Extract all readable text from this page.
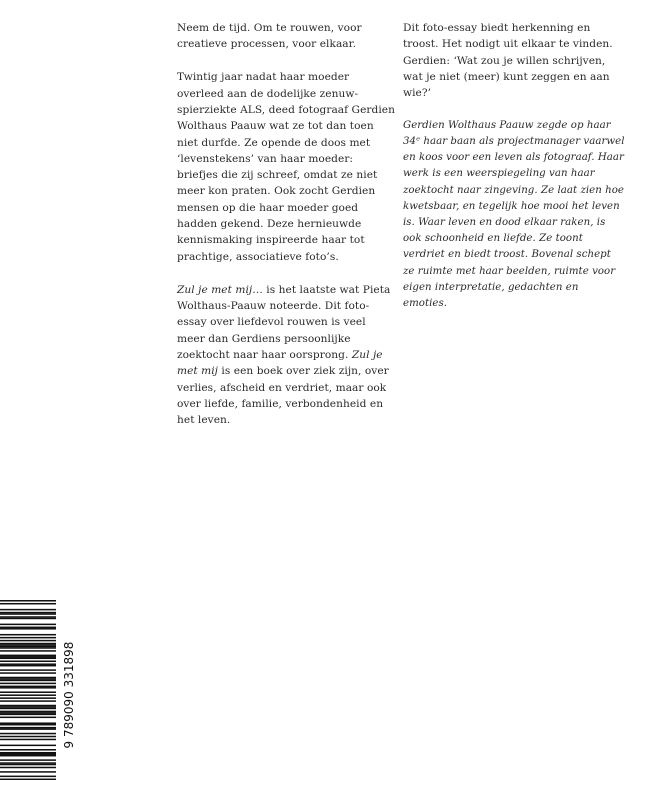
Neem de tijd. Om te rouwen, voor creatieve processen, voor elkaar.

Twintig jaar nadat haar moeder overleed aan de dodelijke zenuw-spierziekte ALS, deed fotograaf Gerdien Wolthaus Paauw wat ze tot dan toen niet durfde. Ze opende de doos met ‘levenstekens’ van haar moeder: briefjes die zij schreef, omdat ze niet meer kon praten. Ook zocht Gerdien mensen op die haar moeder goed hadden gekend. Deze hernieuwde kennismaking inspireerde haar tot prachtige, associatieve foto’s.

Zul je met mij… is het laatste wat Pieta Wolthaus-Paauw noteerde. Dit foto-essay over liefdevol rouwen is veel meer dan Gerdiens persoonlijke zoektocht naar haar oorsprong. Zul je met mij is een boek over ziek zijn, over verlies, afscheid en verdriet, maar ook over liefde, familie, verbondenheid en het leven.

Dit foto-essay biedt herkenning en troost. Het nodigt uit elkaar te vinden. Gerdien: ‘Wat zou je willen schrijven, wat je niet (meer) kunt zeggen en aan wie?’

Gerdien Wolthaus Paauw zegde op haar 34ᵉ haar baan als projectmanager vaarwel en koos voor een leven als fotograaf. Haar werk is een weerspiegeling van haar zoektocht naar zingeving. Ze laat zien hoe kwetsbaar, en tegelijk hoe mooi het leven is. Waar leven en dood elkaar raken, is ook schoonheid en liefde. Ze toont verdriet en biedt troost. Bovenal schept ze ruimte met haar beelden, ruimte voor eigen interpretatie, gedachten en emoties.

9 789090 331898
